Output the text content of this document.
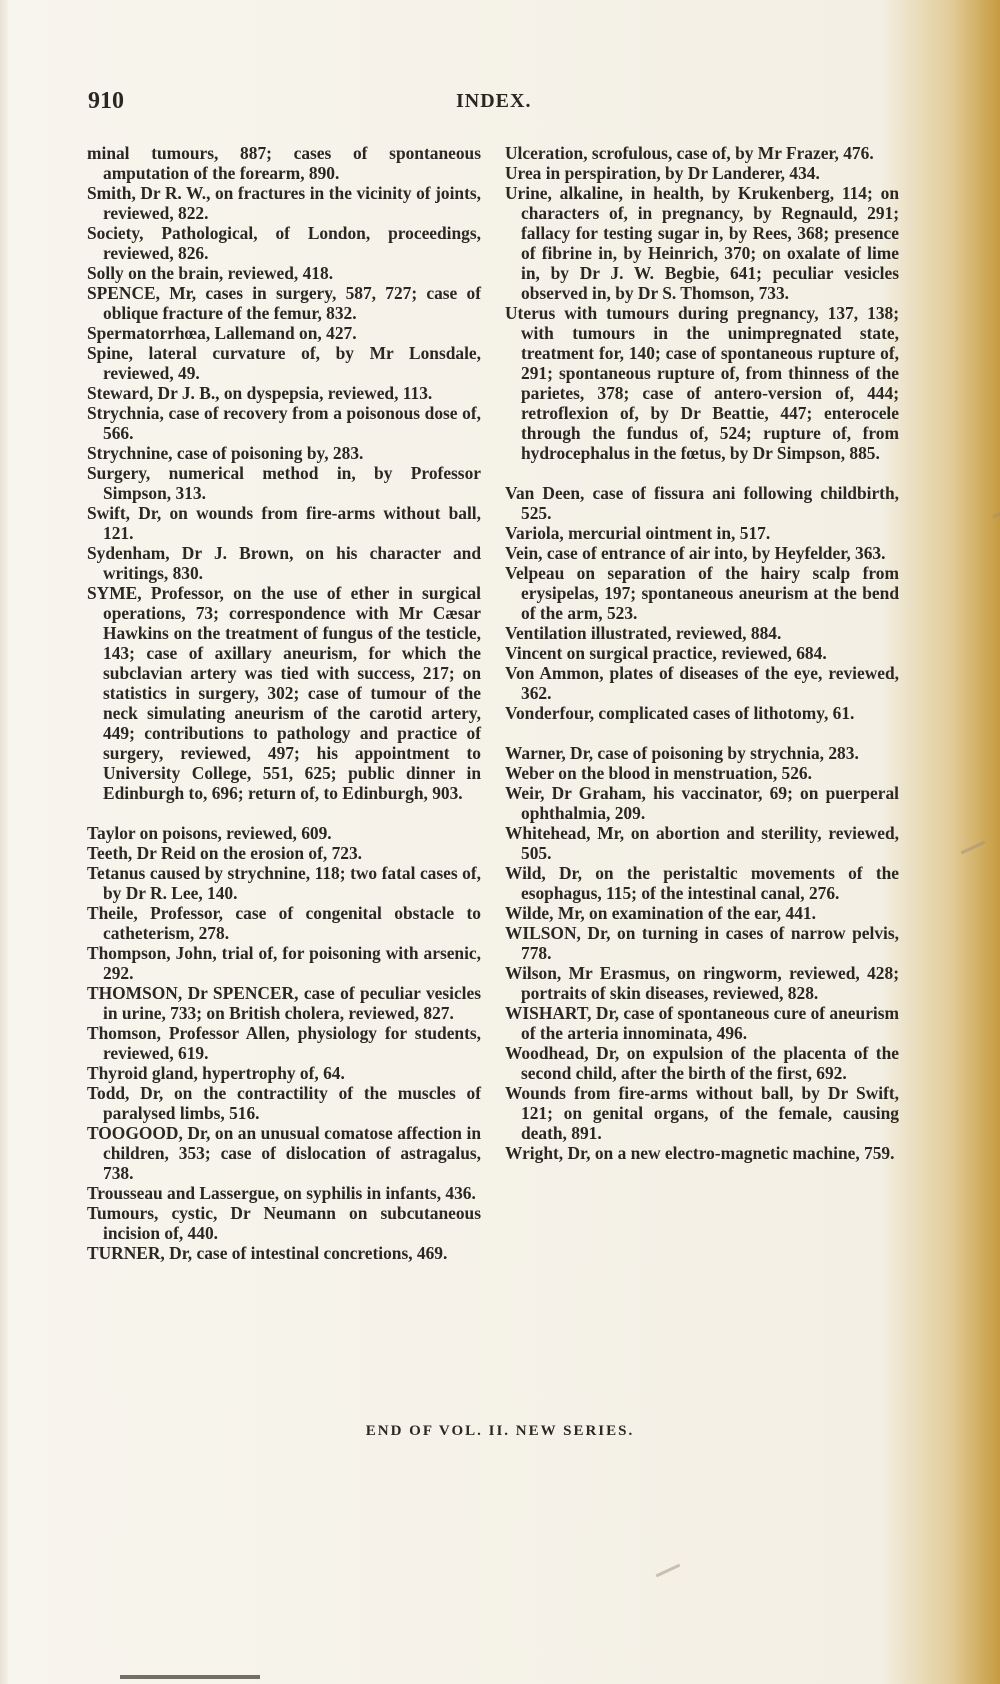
910	INDEX.

minal tumours, 887; cases of spontaneous amputation of the forearm, 890.

Smith, Dr R. W., on fractures in the vicinity of joints, reviewed, 822.

Society, Pathological, of London, proceedings, reviewed, 826.

Solly on the brain, reviewed, 418.

SPENCE, Mr, cases in surgery, 587, 727; case of oblique fracture of the femur, 832.

Spermatorrhœa, Lallemand on, 427.

Spine, lateral curvature of, by Mr Lonsdale, reviewed, 49.

Steward, Dr J. B., on dyspepsia, reviewed, 113.

Strychnia, case of recovery from a poisonous dose of, 566.

Strychnine, case of poisoning by, 283.

Surgery, numerical method in, by Professor Simpson, 313.

Swift, Dr, on wounds from fire-arms without ball, 121.

Sydenham, Dr J. Brown, on his character and writings, 830.

SYME, Professor, on the use of ether in surgical operations, 73; correspondence with Mr Cæsar Hawkins on the treatment of fungus of the testicle, 143; case of axillary aneurism, for which the subclavian artery was tied with success, 217; on statistics in surgery, 302; case of tumour of the neck simulating aneurism of the carotid artery, 449; contributions to pathology and practice of surgery, reviewed, 497; his appointment to University College, 551, 625; public dinner in Edinburgh to, 696; return of, to Edinburgh, 903.

Taylor on poisons, reviewed, 609.

Teeth, Dr Reid on the erosion of, 723.

Tetanus caused by strychnine, 118; two fatal cases of, by Dr R. Lee, 140.

Theile, Professor, case of congenital obstacle to catheterism, 278.

Thompson, John, trial of, for poisoning with arsenic, 292.

THOMSON, Dr SPENCER, case of peculiar vesicles in urine, 733; on British cholera, reviewed, 827.

Thomson, Professor Allen, physiology for students, reviewed, 619.

Thyroid gland, hypertrophy of, 64.

Todd, Dr, on the contractility of the muscles of paralysed limbs, 516.

TOOGOOD, Dr, on an unusual comatose affection in children, 353; case of dislocation of astragalus, 738.

Trousseau and Lassergue, on syphilis in infants, 436.

Tumours, cystic, Dr Neumann on subcutaneous incision of, 440.

TURNER, Dr, case of intestinal concretions, 469.

Ulceration, scrofulous, case of, by Mr Frazer, 476.

Urea in perspiration, by Dr Landerer, 434.

Urine, alkaline, in health, by Krukenberg, 114; on characters of, in pregnancy, by Regnauld, 291; fallacy for testing sugar in, by Rees, 368; presence of fibrine in, by Heinrich, 370; on oxalate of lime in, by Dr J. W. Begbie, 641; peculiar vesicles observed in, by Dr S. Thomson, 733.

Uterus with tumours during pregnancy, 137, 138; with tumours in the unimpregnated state, treatment for, 140; case of spontaneous rupture of, 291; spontaneous rupture of, from thinness of the parietes, 378; case of antero-version of, 444; retroflexion of, by Dr Beattie, 447; enterocele through the fundus of, 524; rupture of, from hydrocephalus in the fœtus, by Dr Simpson, 885.

Van Deen, case of fissura ani following childbirth, 525.

Variola, mercurial ointment in, 517.

Vein, case of entrance of air into, by Heyfelder, 363.

Velpeau on separation of the hairy scalp from erysipelas, 197; spontaneous aneurism at the bend of the arm, 523.

Ventilation illustrated, reviewed, 884.

Vincent on surgical practice, reviewed, 684.

Von Ammon, plates of diseases of the eye, reviewed, 362.

Vonderfour, complicated cases of lithotomy, 61.

Warner, Dr, case of poisoning by strychnia, 283.

Weber on the blood in menstruation, 526.

Weir, Dr Graham, his vaccinator, 69; on puerperal ophthalmia, 209.

Whitehead, Mr, on abortion and sterility, reviewed, 505.

Wild, Dr, on the peristaltic movements of the esophagus, 115; of the intestinal canal, 276.

Wilde, Mr, on examination of the ear, 441.

WILSON, Dr, on turning in cases of narrow pelvis, 778.

Wilson, Mr Erasmus, on ringworm, reviewed, 428; portraits of skin diseases, reviewed, 828.

WISHART, Dr, case of spontaneous cure of aneurism of the arteria innominata, 496.

Woodhead, Dr, on expulsion of the placenta of the second child, after the birth of the first, 692.

Wounds from fire-arms without ball, by Dr Swift, 121; on genital organs, of the female, causing death, 891.

Wright, Dr, on a new electro-magnetic machine, 759.

END OF VOL. II. NEW SERIES.
